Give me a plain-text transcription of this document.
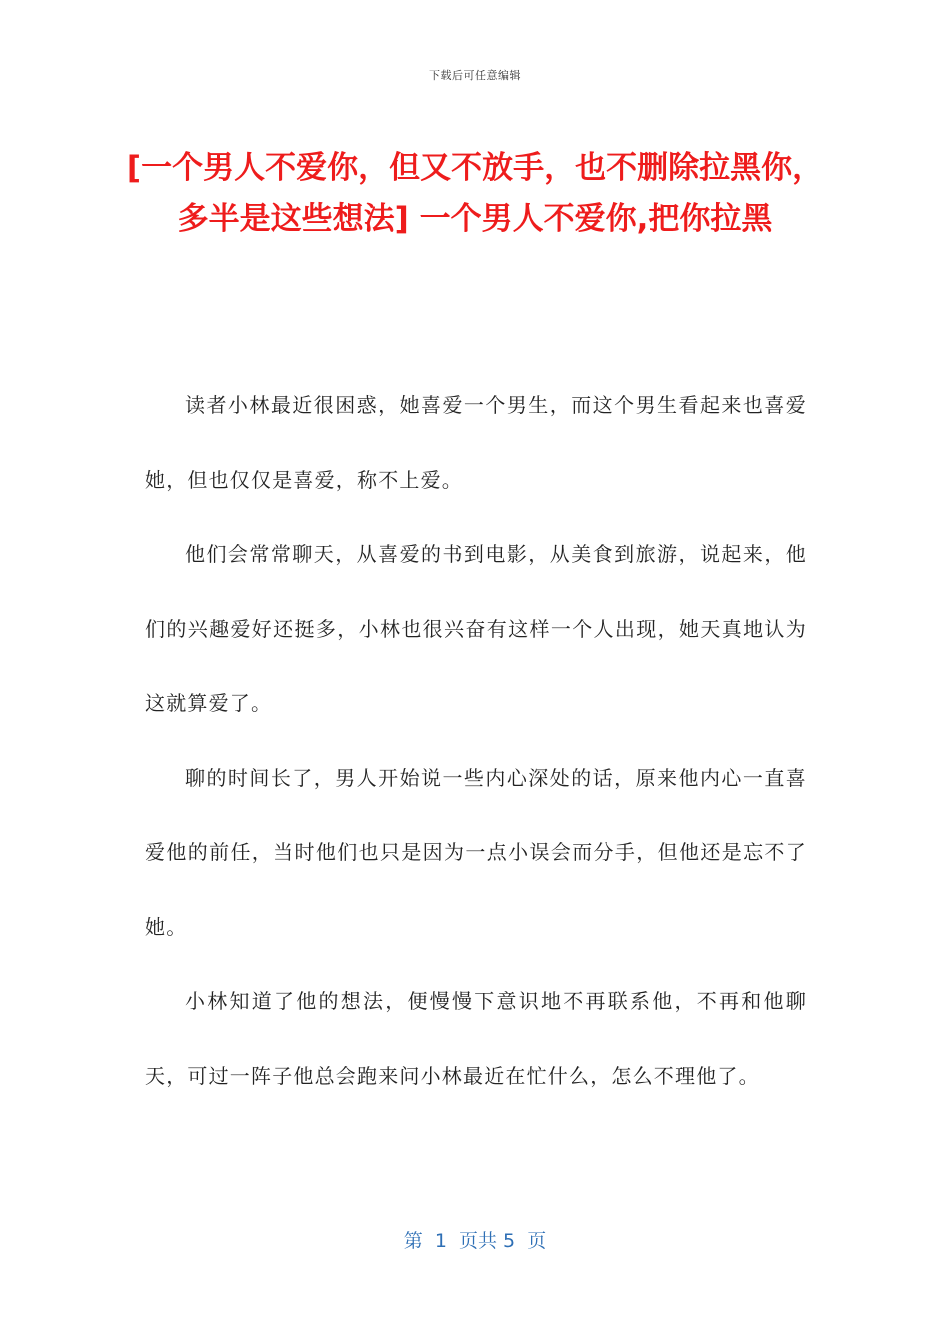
下载后可任意编辑
[一个男人不爱你，但又不放手，也不删除拉黑你，多半是这些想法] 一个男人不爱你,把你拉黑

读者小林最近很困惑，她喜爱一个男生，而这个男生看起来也喜爱她，但也仅仅是喜爱，称不上爱。

他们会常常聊天，从喜爱的书到电影，从美食到旅游，说起来，他们的兴趣爱好还挺多，小林也很兴奋有这样一个人出现，她天真地认为这就算爱了。

聊的时间长了，男人开始说一些内心深处的话，原来他内心一直喜爱他的前任，当时他们也只是因为一点小误会而分手，但他还是忘不了她。

小林知道了他的想法，便慢慢下意识地不再联系他，不再和他聊天，可过一阵子他总会跑来问小林最近在忙什么，怎么不理他了。

第  1  页共 5  页
